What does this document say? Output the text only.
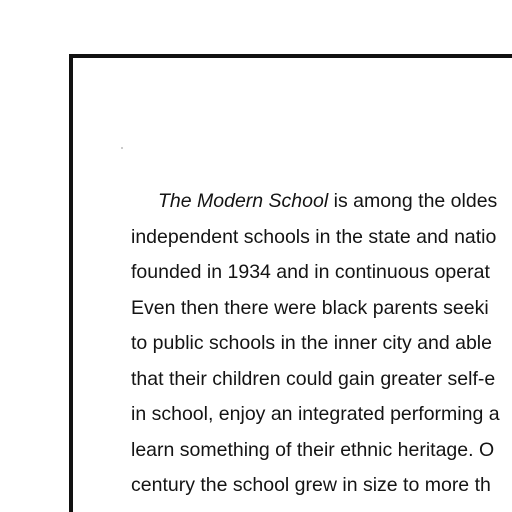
The Modern School is among the oldes
independent schools in the state and natio
founded in 1934 and in continuous operat
Even then there were black parents seeki
to public schools in the inner city and able
that their children could gain greater self-e
in school, enjoy an integrated performing a
learn something of their ethnic heritage. O
century the school grew in size to more th
